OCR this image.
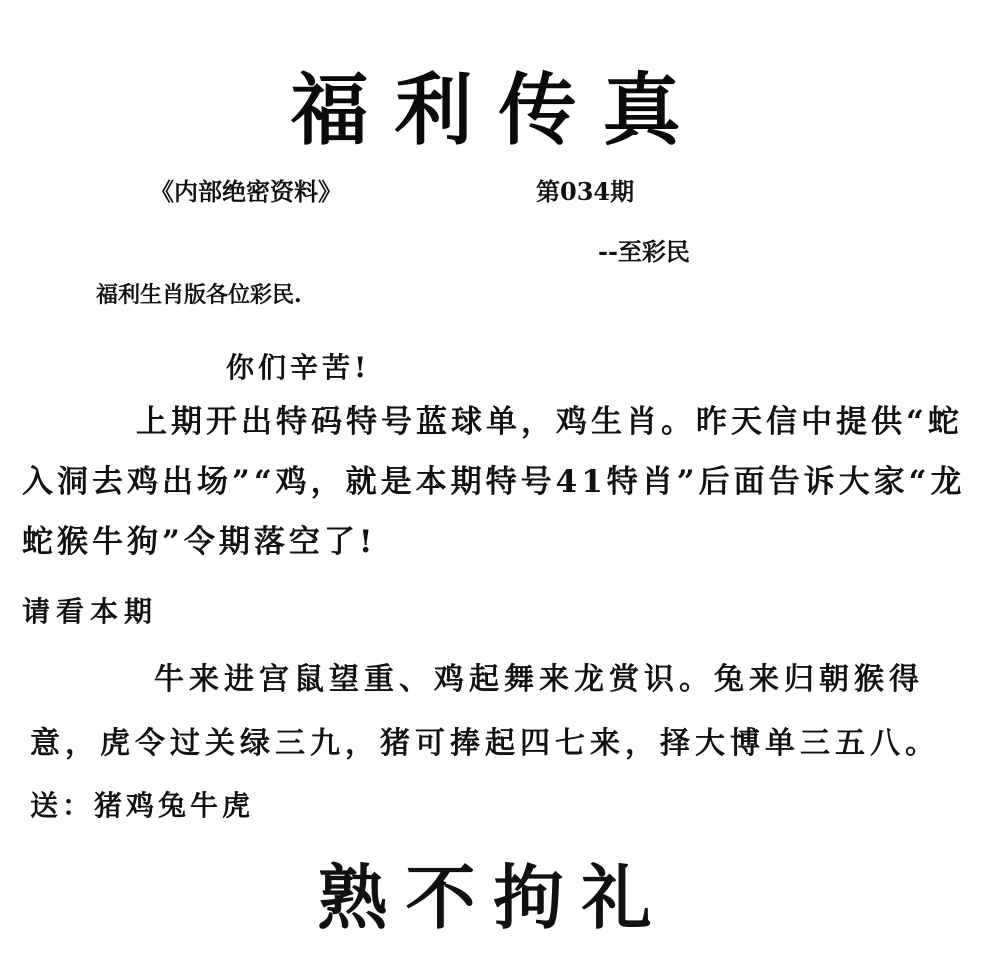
福利传真
《内部绝密资料》	第034期
--至彩民
福利生肖版各位彩民.
你们辛苦!
上期开出特码特号蓝球单，鸡生肖。昨天信中提供“蛇入洞去鸡出场”“鸡，就是本期特号41特肖”后面告诉大家“龙蛇猴牛狗”令期落空了!
请看本期
牛来进宫鼠望重、鸡起舞来龙赏识。兔来归朝猴得意，虎令过关绿三九，猪可捧起四七来，择大博单三五八。
送：猪鸡兔牛虎
熟不拘礼
